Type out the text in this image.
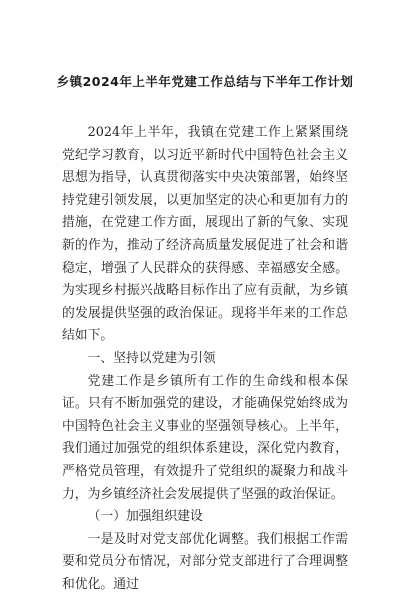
乡镇2024年上半年党建工作总结与下半年工作计划

2024年上半年，我镇在党建工作上紧紧围绕党纪学习教育，以习近平新时代中国特色社会主义思想为指导，认真贯彻落实中央决策部署，始终坚持党建引领发展，以更加坚定的决心和更加有力的措施，在党建工作方面，展现出了新的气象、实现新的作为，推动了经济高质量发展促进了社会和谐稳定，增强了人民群众的获得感、幸福感安全感。为实现乡村振兴战略目标作出了应有贡献，为乡镇的发展提供坚强的政治保证。现将半年来的工作总结如下。

一、坚持以党建为引领

党建工作是乡镇所有工作的生命线和根本保证。只有不断加强党的建设，才能确保党始终成为中国特色社会主义事业的坚强领导核心。上半年，我们通过加强党的组织体系建设，深化党内教育，严格党员管理，有效提升了党组织的凝聚力和战斗力，为乡镇经济社会发展提供了坚强的政治保证。

（一）加强组织建设

一是及时对党支部优化调整。我们根据工作需要和党员分布情况，对部分党支部进行了合理调整和优化。通过
